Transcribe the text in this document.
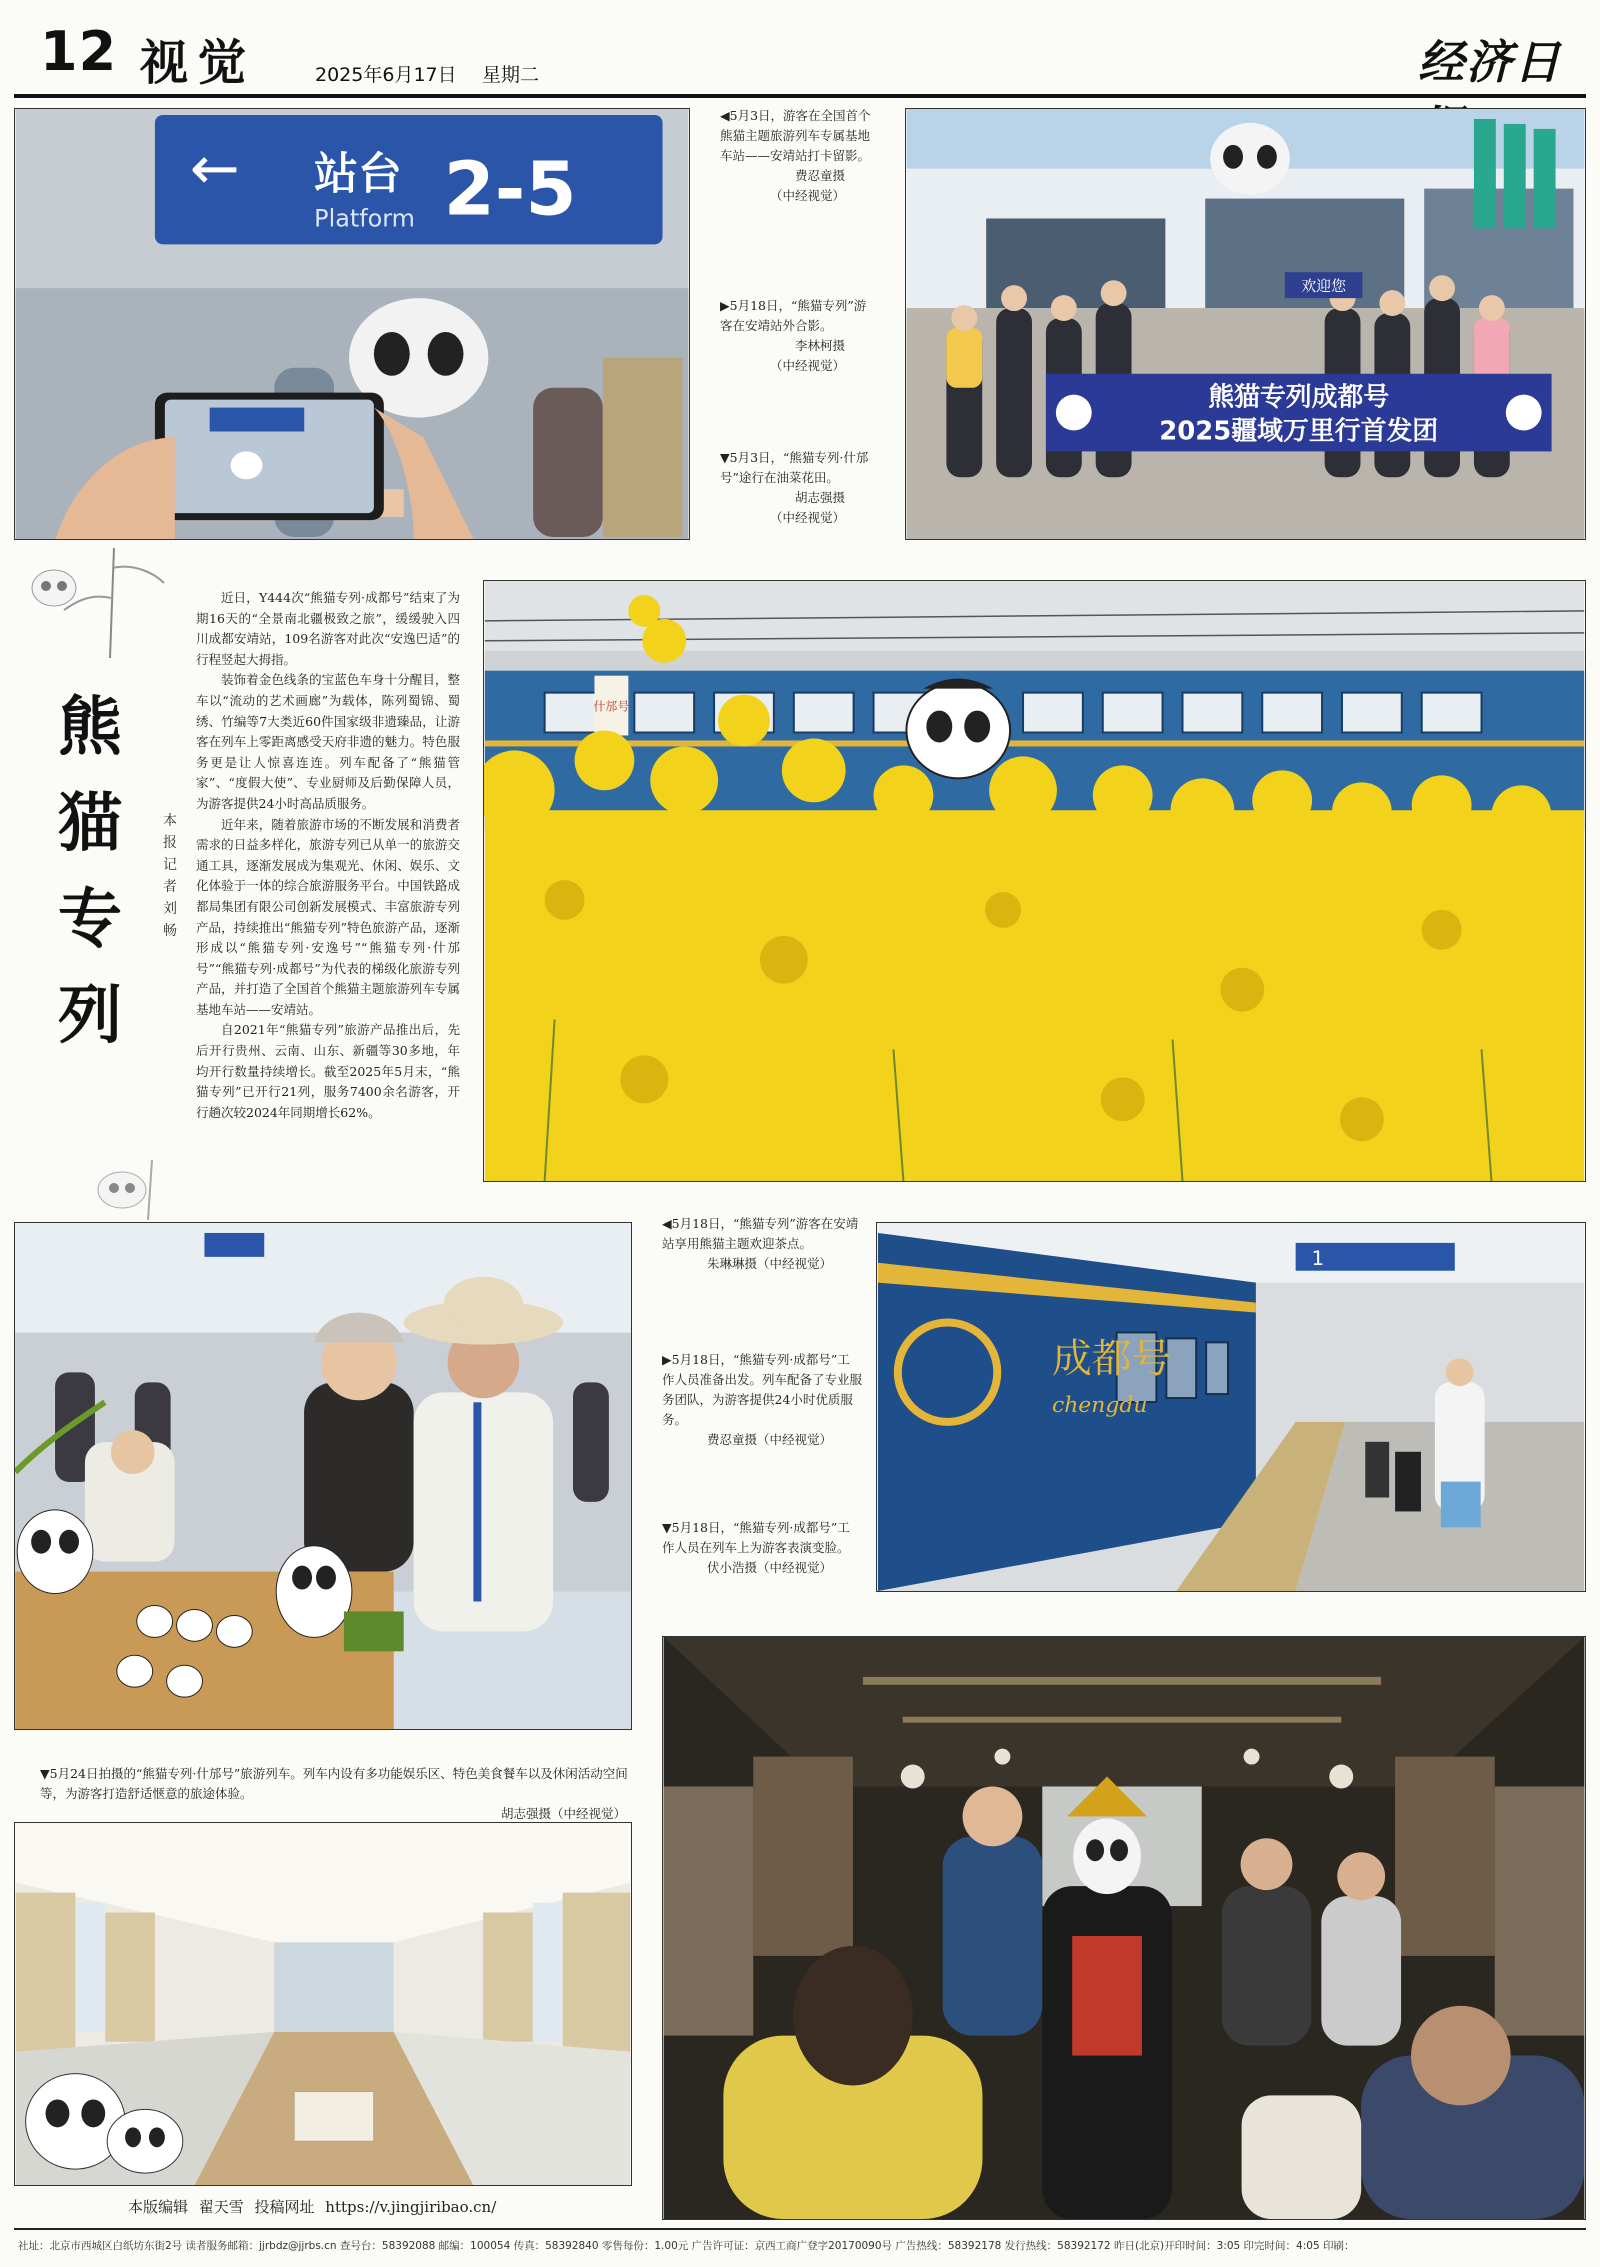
12 视觉	2025年6月17日 星期二	经济日
← 站台
Platform 2-5
◀5月3日，游客在全国首个熊猫主题旅游列车专属基地车站——安靖站打卡留影。
费忍童摄
（中经视觉）
▶5月18日，“熊猫专列”游客在安靖站外合影。
李林柯摄
（中经视觉）
▼5月3日，“熊猫专列·什邡号”途行在油菜花田。
胡志强摄
（中经视觉）
欢迎您
熊猫专列成都号
2025疆域万里行首发团
熊
猫
专
列
本
报
记
者
刘
畅

近日，Y444次“熊猫专列·成都号”结束了为期16天的“全景南北疆极致之旅”，缓缓驶入四川成都安靖站，109名游客对此次“安逸巴适”的行程竖起大拇指。

装饰着金色线条的宝蓝色车身十分醒目，整车以“流动的艺术画廊”为载体，陈列蜀锦、蜀绣、竹编等7大类近60件国家级非遗臻品，让游客在列车上零距离感受天府非遗的魅力。特色服务更是让人惊喜连连。列车配备了“熊猫管家”、“度假大使”、专业厨师及后勤保障人员，为游客提供24小时高品质服务。

近年来，随着旅游市场的不断发展和消费者需求的日益多样化，旅游专列已从单一的旅游交通工具，逐渐发展成为集观光、休闲、娱乐、文化体验于一体的综合旅游服务平台。中国铁路成都局集团有限公司创新发展模式、丰富旅游专列产品，持续推出“熊猫专列”特色旅游产品，逐渐形成以“熊猫专列·安逸号”“熊猫专列·什邡号”“熊猫专列·成都号”为代表的梯级化旅游专列产品，并打造了全国首个熊猫主题旅游列车专属基地车站——安靖站。

自2021年“熊猫专列”旅游产品推出后，先后开行贵州、云南、山东、新疆等30多地，年均开行数量持续增长。截至2025年5月末，“熊猫专列”已开行21列，服务7400余名游客，开行趟次较2024年同期增长62%。

什邡号
◀5月18日，“熊猫专列”游客在安靖站享用熊猫主题欢迎茶点。
朱琳琳摄（中经视觉）
▶5月18日，“熊猫专列·成都号”工作人员准备出发。列车配备了专业服务团队，为游客提供24小时优质服务。
费忍童摄（中经视觉）
▼5月18日，“熊猫专列·成都号”工作人员在列车上为游客表演变脸。
伏小浩摄（中经视觉）
成都号
chengdu
1
▼5月24日拍摄的“熊猫专列·什邡号”旅游列车。列车内设有多功能娱乐区、特色美食餐车以及休闲活动空间等，为游客打造舒适惬意的旅途体验。
胡志强摄（中经视觉）
本版编辑 翟天雪 投稿网址 https://v.jingjiribao.cn/
社址：北京市西城区白纸坊东街2号 读者服务邮箱：jjrbdz@jjrbs.cn 查号台：58392088 邮编：100054 传真：58392840 零售每份：1.00元 广告许可证：京西工商广登字20170090号 广告热线：58392178 发行热线：58392172 昨日(北京)开印时间：3:05 印完时间：4:05 印刷：
